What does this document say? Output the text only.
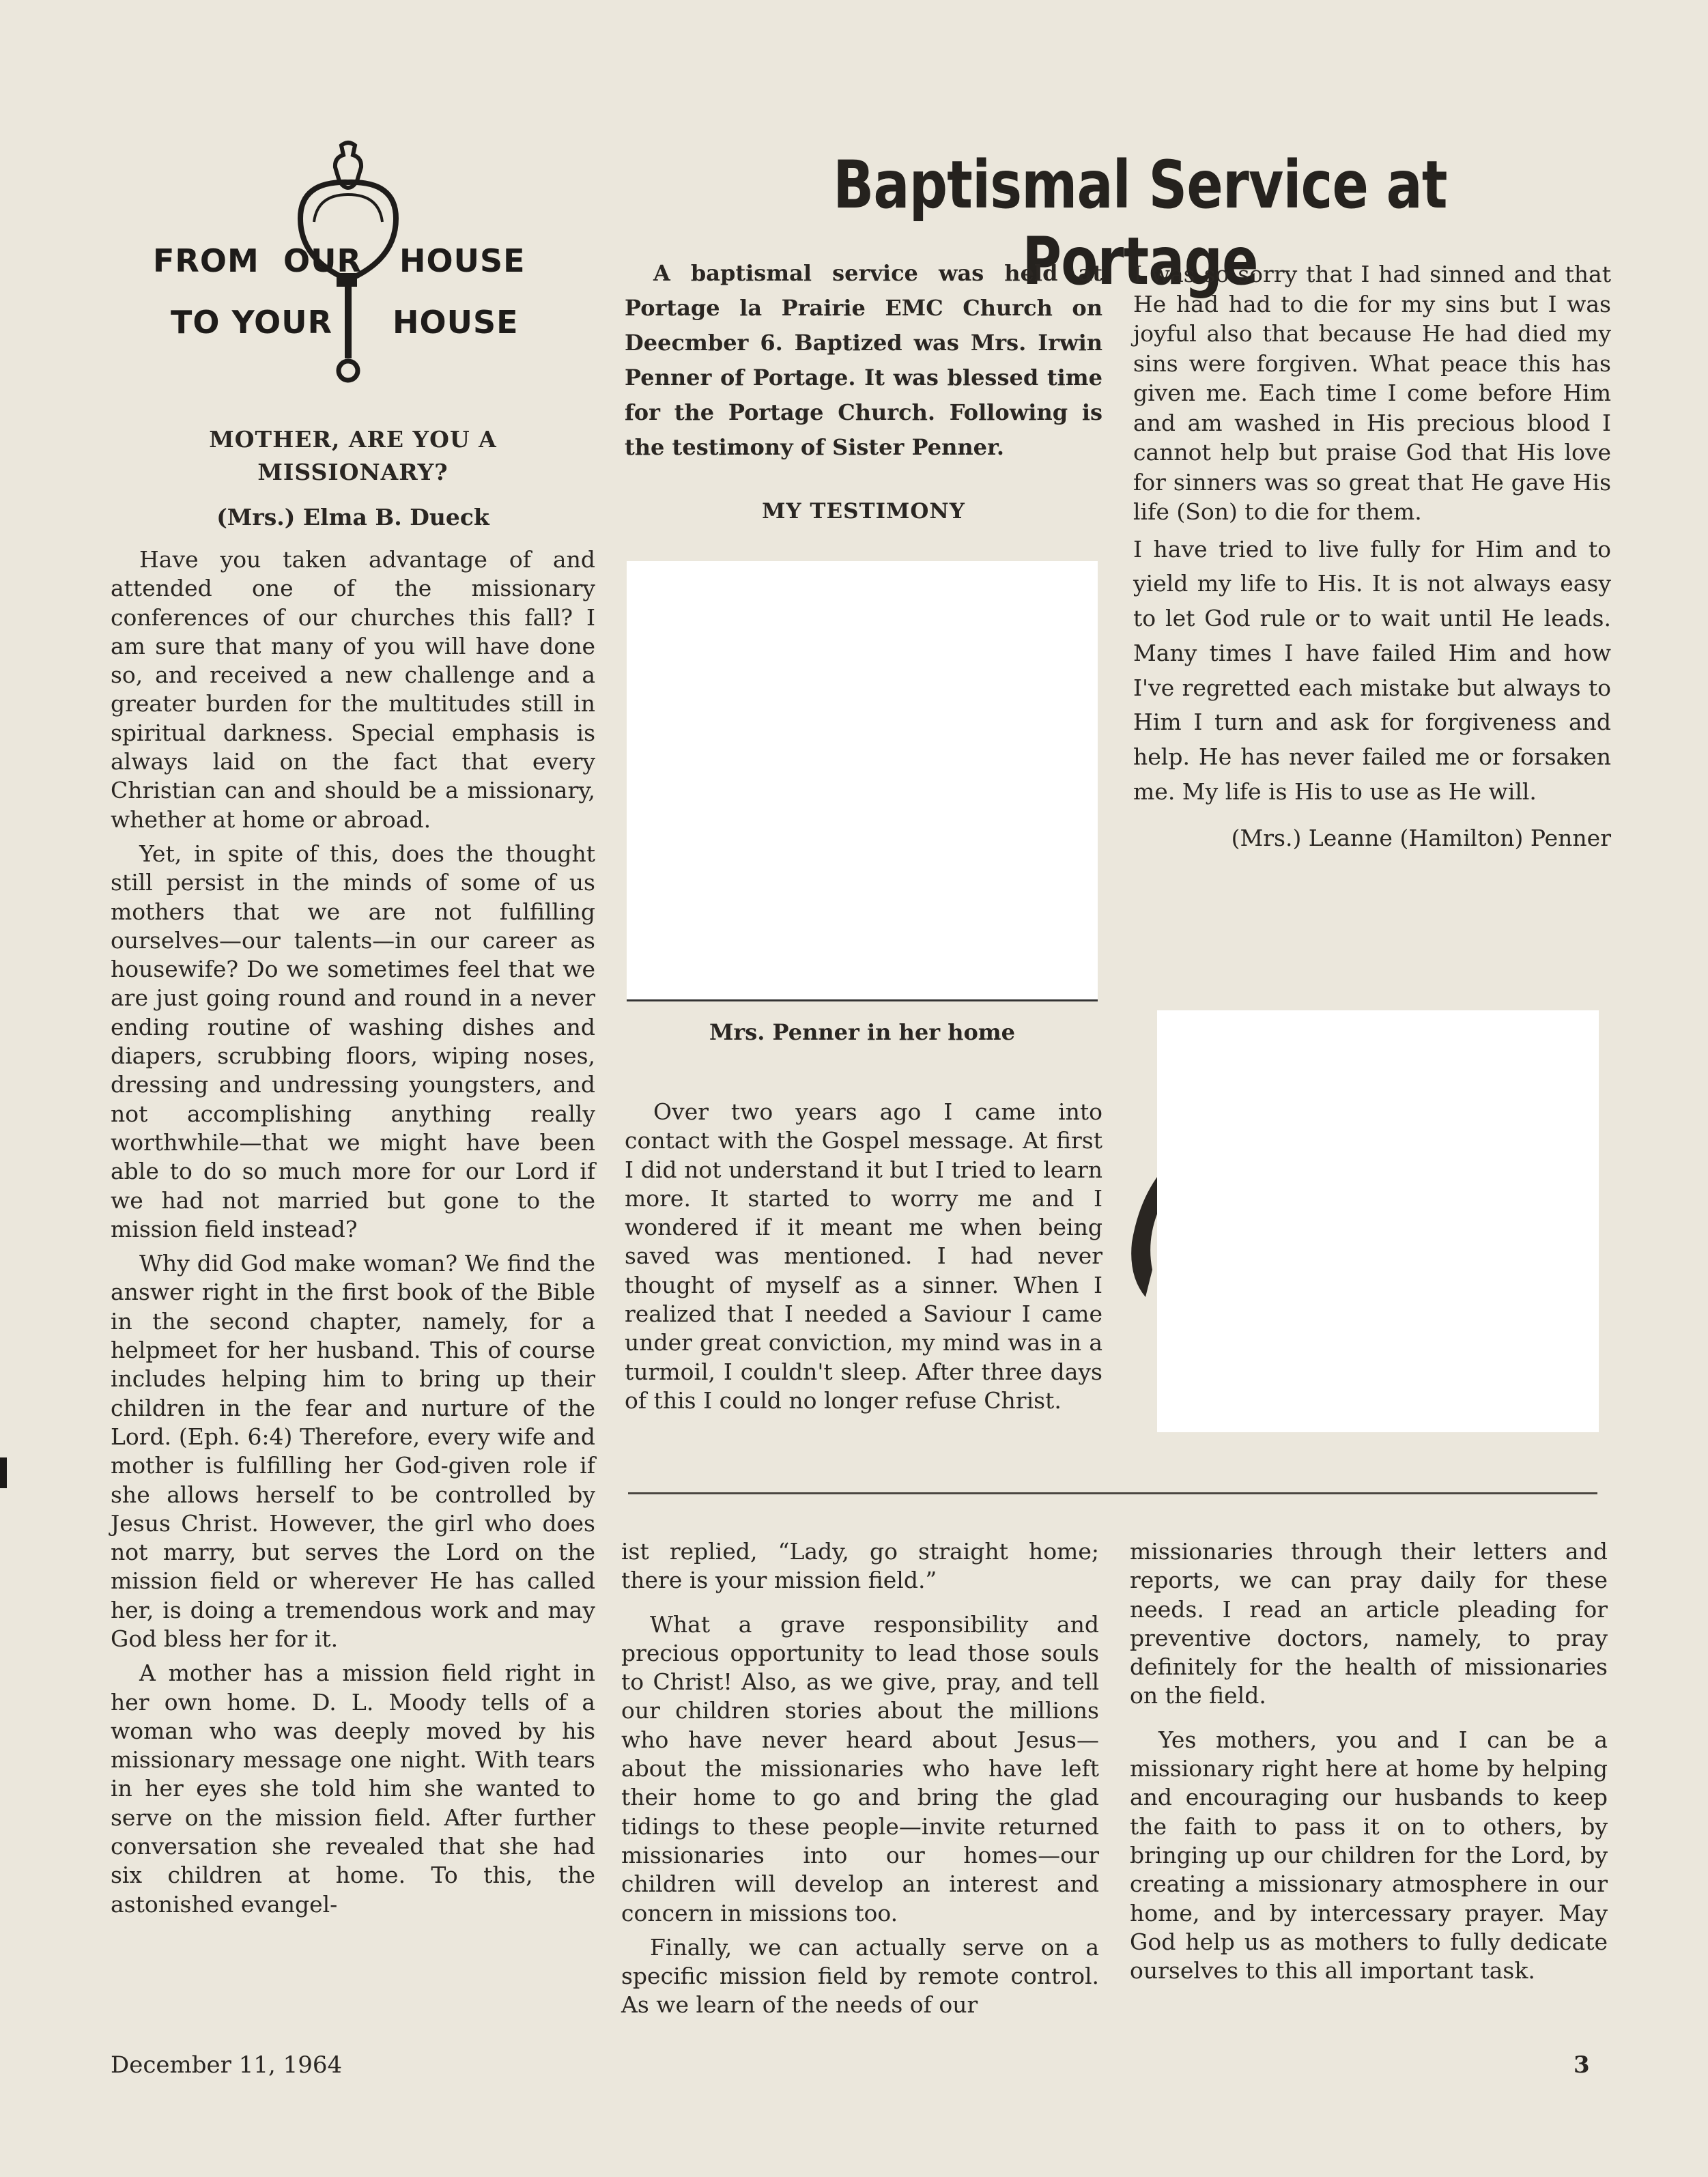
FROM OUR HOUSE
TO YOUR HOUSE
Baptismal Service at Portage

MOTHER, ARE YOU A MISSIONARY?

(Mrs.) Elma B. Dueck

Have you taken advantage of and attended one of the missionary conferences of our churches this fall? I am sure that many of you will have done so, and received a new challenge and a greater burden for the multitudes still in spiritual darkness. Special emphasis is always laid on the fact that every Christian can and should be a missionary, whether at home or abroad.

Yet, in spite of this, does the thought still persist in the minds of some of us mothers that we are not fulfilling ourselves—our talents—in our career as housewife? Do we sometimes feel that we are just going round and round in a never ending routine of washing dishes and diapers, scrubbing floors, wiping noses, dressing and undressing youngsters, and not accomplishing anything really worthwhile—that we might have been able to do so much more for our Lord if we had not married but gone to the mission field instead?

Why did God make woman? We find the answer right in the first book of the Bible in the second chapter, namely, for a helpmeet for her husband. This of course includes helping him to bring up their children in the fear and nurture of the Lord. (Eph. 6:4) Therefore, every wife and mother is fulfilling her God-given role if she allows herself to be controlled by Jesus Christ. However, the girl who does not marry, but serves the Lord on the mission field or wherever He has called her, is doing a tremendous work and may God bless her for it.

A mother has a mission field right in her own home. D. L. Moody tells of a woman who was deeply moved by his missionary message one night. With tears in her eyes she told him she wanted to serve on the mission field. After further conversation she revealed that she had six children at home. To this, the astonished evangel-

A baptismal service was held at Portage la Prairie EMC Church on Deecmber 6. Baptized was Mrs. Irwin Penner of Portage. It was blessed time for the Portage Church. Following is the testimony of Sister Penner.

MY TESTIMONY

Mrs. Penner in her home

Over two years ago I came into contact with the Gospel message. At first I did not understand it but I tried to learn more. It started to worry me and I wondered if it meant me when being saved was mentioned. I had never thought of myself as a sinner. When I realized that I needed a Saviour I came under great conviction, my mind was in a turmoil, I couldn't sleep. After three days of this I could no longer refuse Christ.

I was so sorry that I had sinned and that He had had to die for my sins but I was joyful also that because He had died my sins were forgiven. What peace this has given me. Each time I come before Him and am washed in His precious blood I cannot help but praise God that His love for sinners was so great that He gave His life (Son) to die for them.

I have tried to live fully for Him and to yield my life to His. It is not always easy to let God rule or to wait until He leads. Many times I have failed Him and how I've regretted each mistake but always to Him I turn and ask for forgiveness and help. He has never failed me or forsaken me. My life is His to use as He will.

(Mrs.) Leanne (Hamilton) Penner

ist replied, “Lady, go straight home; there is your mission field.”

What a grave responsibility and precious opportunity to lead those souls to Christ! Also, as we give, pray, and tell our children stories about the millions who have never heard about Jesus—about the missionaries who have left their home to go and bring the glad tidings to these people—invite returned missionaries into our homes—our children will develop an interest and concern in missions too.

Finally, we can actually serve on a specific mission field by remote control. As we learn of the needs of our

missionaries through their letters and reports, we can pray daily for these needs. I read an article pleading for preventive doctors, namely, to pray definitely for the health of missionaries on the field.

Yes mothers, you and I can be a missionary right here at home by helping and encouraging our husbands to keep the faith to pass it on to others, by bringing up our children for the Lord, by creating a missionary atmosphere in our home, and by intercessary prayer. May God help us as mothers to fully dedicate ourselves to this all important task.

December 11, 1964	3
